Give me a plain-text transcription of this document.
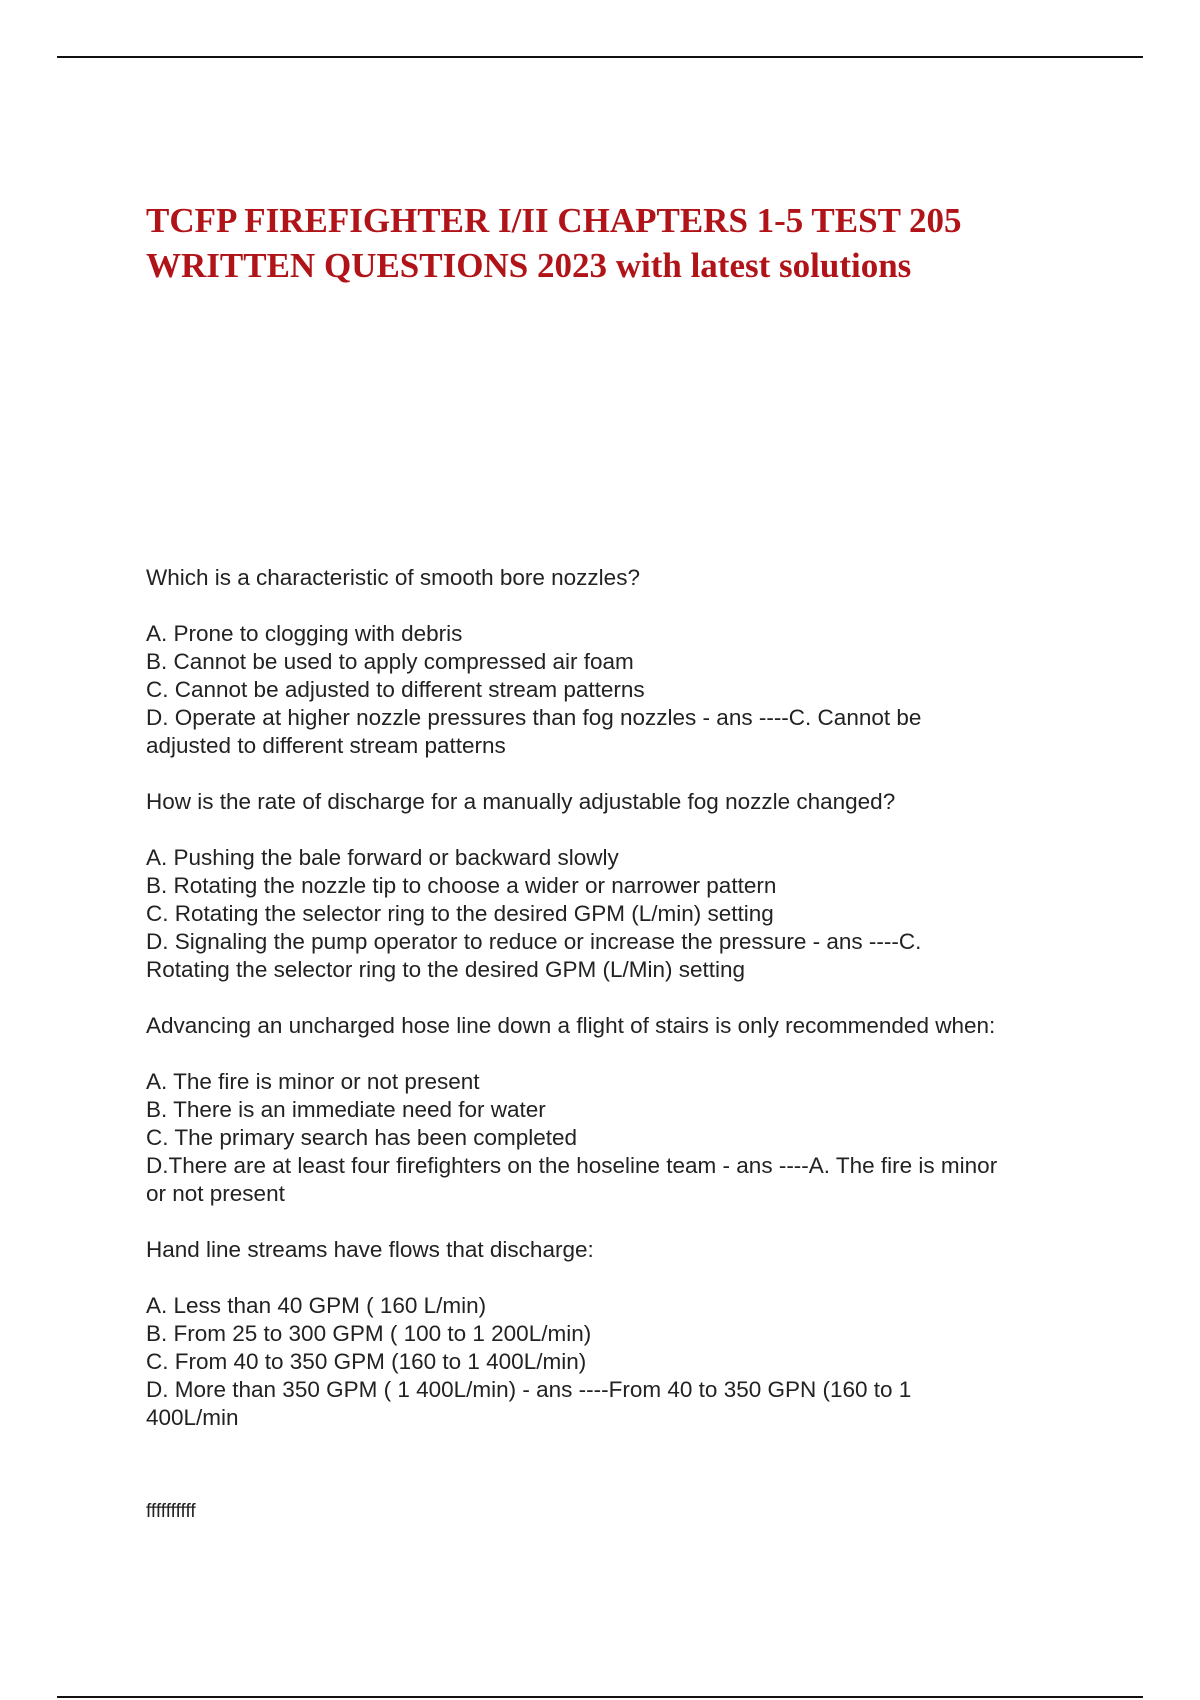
TCFP FIREFIGHTER I/II CHAPTERS 1-5 TEST 205
WRITTEN QUESTIONS 2023 with latest solutions
Which is a characteristic of smooth bore nozzles?
A. Prone to clogging with debris
B. Cannot be used to apply compressed air foam
C. Cannot be adjusted to different stream patterns
D. Operate at higher nozzle pressures than fog nozzles - ans ----C. Cannot be
adjusted to different stream patterns
How is the rate of discharge for a manually adjustable fog nozzle changed?
A. Pushing the bale forward or backward slowly
B. Rotating the nozzle tip to choose a wider or narrower pattern
C. Rotating the selector ring to the desired GPM (L/min) setting
D. Signaling the pump operator to reduce or increase the pressure - ans ----C.
Rotating the selector ring to the desired GPM (L/Min) setting
Advancing an uncharged hose line down a flight of stairs is only recommended when:
A. The fire is minor or not present
B. There is an immediate need for water
C. The primary search has been completed
D.There are at least four firefighters on the hoseline team - ans ----A. The fire is minor
or not present
Hand line streams have flows that discharge:
A. Less than 40 GPM ( 160 L/min)
B. From 25 to 300 GPM ( 100 to 1 200L/min)
C. From 40 to 350 GPM (160 to 1 400L/min)
D. More than 350 GPM ( 1 400L/min) - ans ----From 40 to 350 GPN (160 to 1
400L/min
ffffffffff
